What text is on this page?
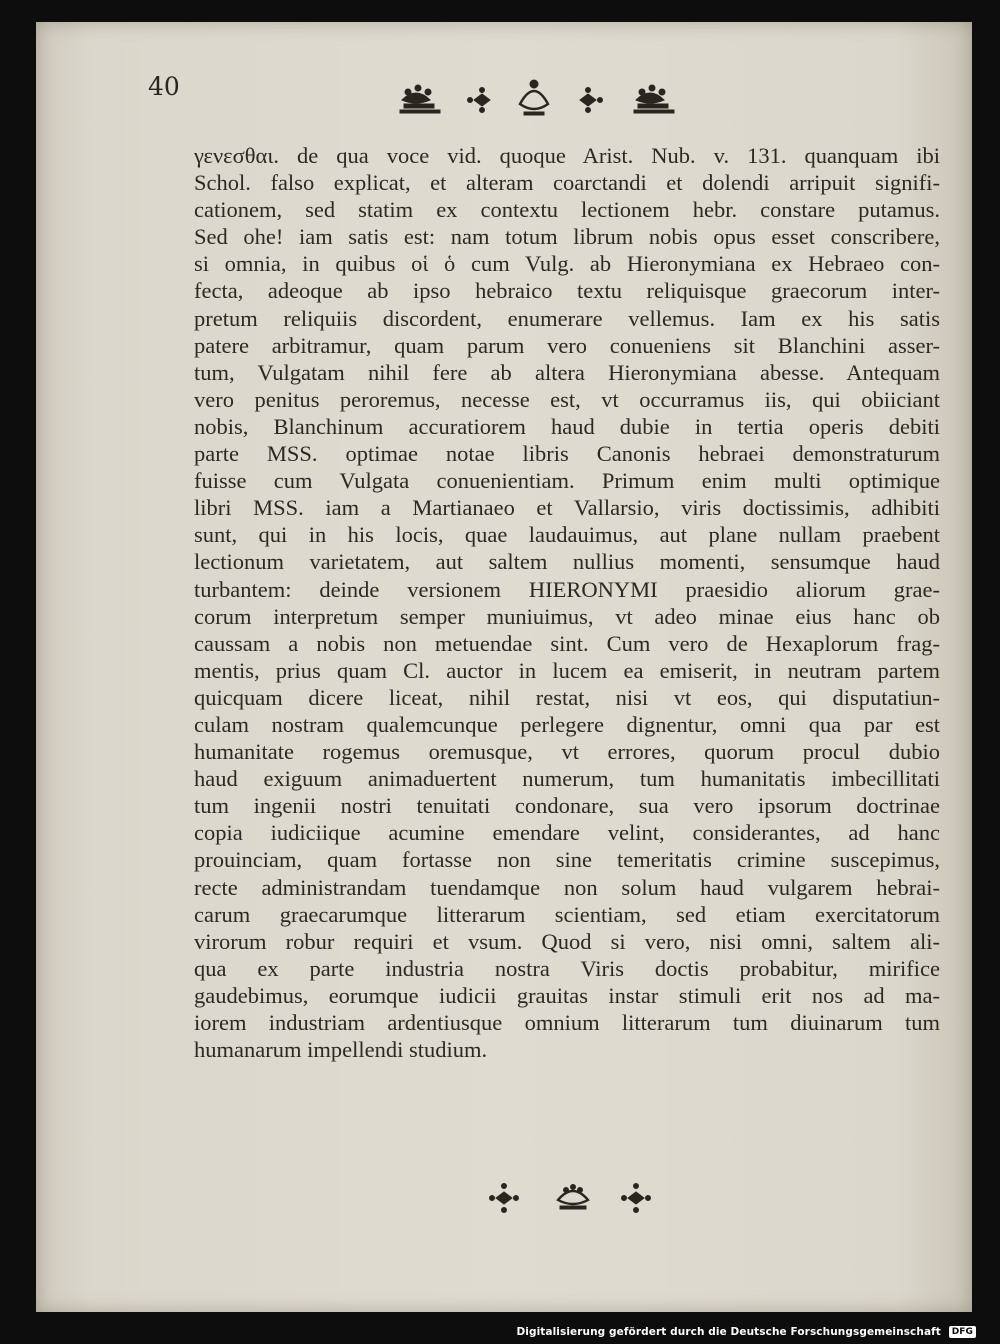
40

γενεσθαι. de qua voce vid. quoque Arist. Nub. v. 131. quanquam ibi
Schol. falso explicat, et alteram coarctandi et dolendi arripuit signifi-
cationem, sed statim ex contextu lectionem hebr. constare putamus.
Sed ohe! iam satis est: nam totum librum nobis opus esset conscribere,
si omnia, in quibus οἱ ὁ cum Vulg. ab Hieronymiana ex Hebraeo con-
fecta, adeoque ab ipso hebraico textu reliquisque graecorum inter-
pretum reliquiis discordent, enumerare vellemus. Iam ex his satis
patere arbitramur, quam parum vero conueniens sit Blanchini asser-
tum, Vulgatam nihil fere ab altera Hieronymiana abesse. Antequam
vero penitus peroremus, necesse est, vt occurramus iis, qui obiiciant
nobis, Blanchinum accuratiorem haud dubie in tertia operis debiti
parte MSS. optimae notae libris Canonis hebraei demonstraturum
fuisse cum Vulgata conuenientiam. Primum enim multi optimique
libri MSS. iam a Martianaeo et Vallarsio, viris doctissimis, adhibiti
sunt, qui in his locis, quae laudauimus, aut plane nullam praebent
lectionum varietatem, aut saltem nullius momenti, sensumque haud
turbantem: deinde versionem HIERONYMI praesidio aliorum grae-
corum interpretum semper muniuimus, vt adeo minae eius hanc ob
caussam a nobis non metuendae sint. Cum vero de Hexaplorum frag-
mentis, prius quam Cl. auctor in lucem ea emiserit, in neutram partem
quicquam dicere liceat, nihil restat, nisi vt eos, qui disputatiun-
culam nostram qualemcunque perlegere dignentur, omni qua par est
humanitate rogemus oremusque, vt errores, quorum procul dubio
haud exiguum animaduertent numerum, tum humanitatis imbecillitati
tum ingenii nostri tenuitati condonare, sua vero ipsorum doctrinae
copia iudiciique acumine emendare velint, considerantes, ad hanc
prouinciam, quam fortasse non sine temeritatis crimine suscepimus,
recte administrandam tuendamque non solum haud vulgarem hebrai-
carum graecarumque litterarum scientiam, sed etiam exercitatorum
virorum robur requiri et vsum. Quod si vero, nisi omni, saltem ali-
qua ex parte industria nostra Viris doctis probabitur, mirifice
gaudebimus, eorumque iudicii grauitas instar stimuli erit nos ad ma-
iorem industriam ardentiusque omnium litterarum tum diuinarum tum
humanarum impellendi studium.

Digitalisierung gefördert durch die Deutsche Forschungsgemeinschaft DFG
